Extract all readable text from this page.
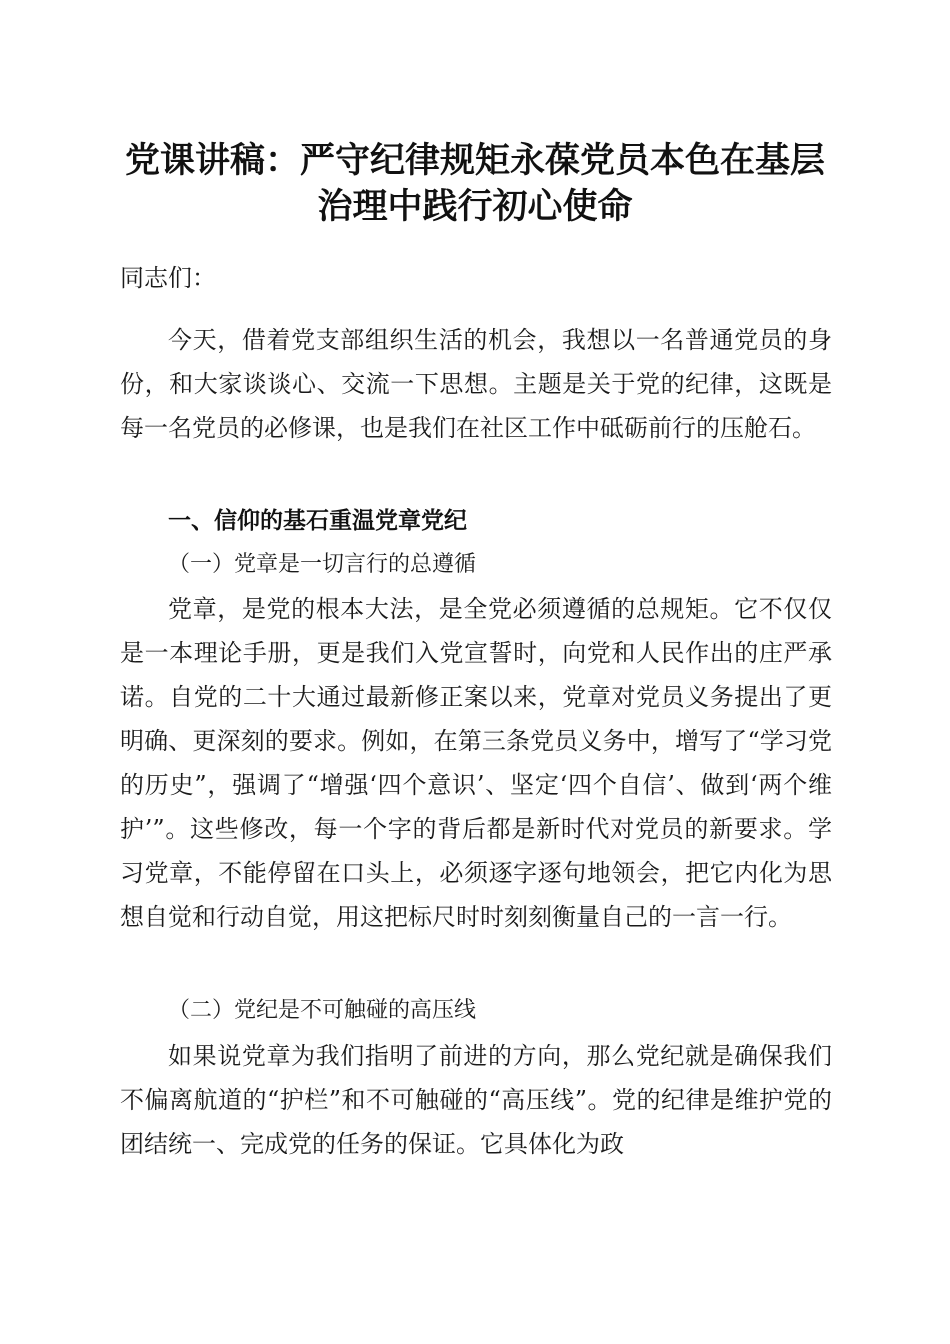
党课讲稿：严守纪律规矩永葆党员本色在基层
治理中践行初心使命

同志们：

今天，借着党支部组织生活的机会，我想以一名普通党员的身份，和大家谈谈心、交流一下思想。主题是关于党的纪律，这既是每一名党员的必修课，也是我们在社区工作中砥砺前行的压舱石。

一、信仰的基石重温党章党纪

（一）党章是一切言行的总遵循

党章，是党的根本大法，是全党必须遵循的总规矩。它不仅仅是一本理论手册，更是我们入党宣誓时，向党和人民作出的庄严承诺。自党的二十大通过最新修正案以来，党章对党员义务提出了更明确、更深刻的要求。例如，在第三条党员义务中，增写了“学习党的历史”，强调了“增强‘四个意识’、坚定‘四个自信’、做到‘两个维护’”。这些修改，每一个字的背后都是新时代对党员的新要求。学习党章，不能停留在口头上，必须逐字逐句地领会，把它内化为思想自觉和行动自觉，用这把标尺时时刻刻衡量自己的一言一行。

（二）党纪是不可触碰的高压线

如果说党章为我们指明了前进的方向，那么党纪就是确保我们不偏离航道的“护栏”和不可触碰的“高压线”。党的纪律是维护党的团结统一、完成党的任务的保证。它具体化为政
